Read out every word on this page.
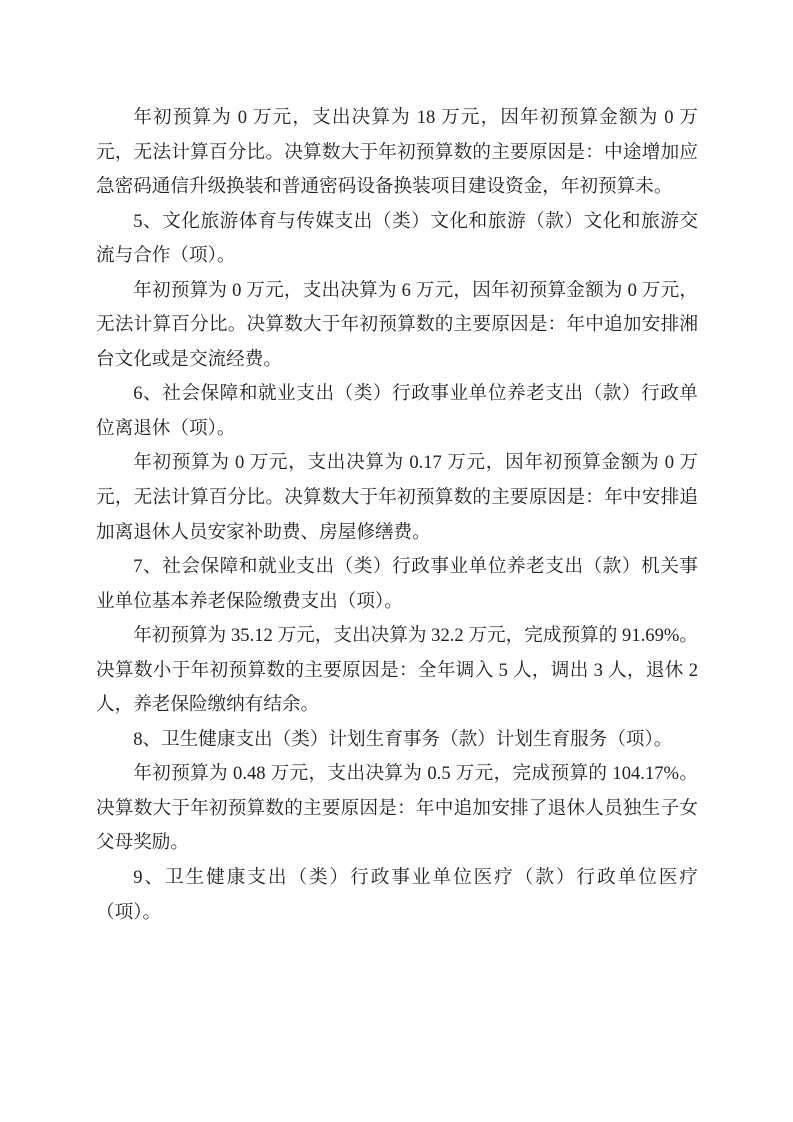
年初预算为 0 万元，支出决算为 18 万元，因年初预算金额为 0 万元，无法计算百分比。决算数大于年初预算数的主要原因是：中途增加应急密码通信升级换装和普通密码设备换装项目建设资金，年初预算未。

5、文化旅游体育与传媒支出（类）文化和旅游（款）文化和旅游交流与合作（项）。

年初预算为 0 万元，支出决算为 6 万元，因年初预算金额为 0 万元，无法计算百分比。决算数大于年初预算数的主要原因是：年中追加安排湘台文化或是交流经费。

6、社会保障和就业支出（类）行政事业单位养老支出（款）行政单位离退休（项）。

年初预算为 0 万元，支出决算为 0.17 万元，因年初预算金额为 0 万元，无法计算百分比。决算数大于年初预算数的主要原因是：年中安排追加离退休人员安家补助费、房屋修缮费。

7、社会保障和就业支出（类）行政事业单位养老支出（款）机关事业单位基本养老保险缴费支出（项）。

年初预算为 35.12 万元，支出决算为 32.2 万元，完成预算的 91.69%。决算数小于年初预算数的主要原因是：全年调入 5 人，调出 3 人，退休 2 人，养老保险缴纳有结余。

8、卫生健康支出（类）计划生育事务（款）计划生育服务（项）。

年初预算为 0.48 万元，支出决算为 0.5 万元，完成预算的 104.17%。决算数大于年初预算数的主要原因是：年中追加安排了退休人员独生子女父母奖励。

9、卫生健康支出（类）行政事业单位医疗（款）行政单位医疗（项）。
